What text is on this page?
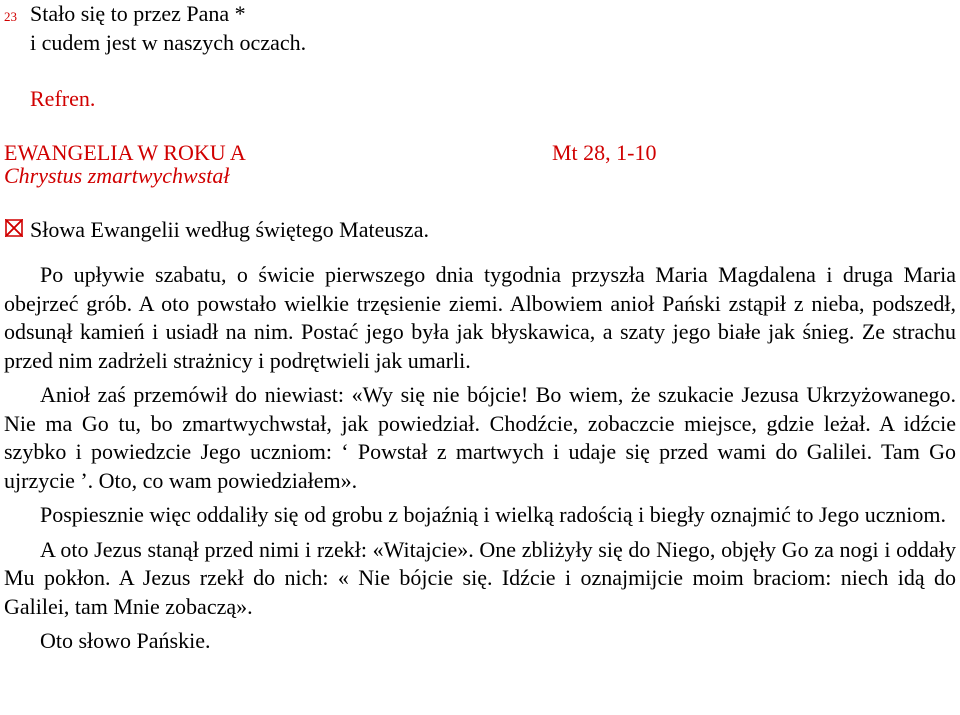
23 Stało się to przez Pana *
i cudem jest w naszych oczach.
Refren.
EWANGELIA W ROKU A	Mt 28, 1-10
Chrystus zmartwychwstał
Słowa Ewangelii według świętego Mateusza.

Po upływie szabatu, o świcie pierwszego dnia tygodnia przyszła Maria Magdalena i druga Maria obejrzeć grób. A oto powstało wielkie trzęsienie ziemi. Albowiem anioł Pański zstąpił z nieba, podszedł, odsunął kamień i usiadł na nim. Postać jego była jak błyskawica, a szaty jego białe jak śnieg. Ze strachu przed nim zadrżeli strażnicy i podrętwieli jak umarli.

Anioł zaś przemówił do niewiast: «Wy się nie bójcie! Bo wiem, że szukacie Jezusa Ukrzyżowanego. Nie ma Go tu, bo zmartwychwstał, jak powiedział. Chodźcie, zobaczcie miejsce, gdzie leżał. A idźcie szybko i powiedzcie Jego uczniom: ‘ Powstał z martwych i udaje się przed wami do Galilei. Tam Go ujrzycie ’. Oto, co wam powiedziałem».

Pospiesznie więc oddaliły się od grobu z bojaźnią i wielką radością i biegły oznajmić to Jego uczniom.

A oto Jezus stanął przed nimi i rzekł: «Witajcie». One zbliżyły się do Niego, objęły Go za nogi i oddały Mu pokłon. A Jezus rzekł do nich: « Nie bójcie się. Idźcie i oznajmijcie moim braciom: niech idą do Galilei, tam Mnie zobaczą».

Oto słowo Pańskie.
